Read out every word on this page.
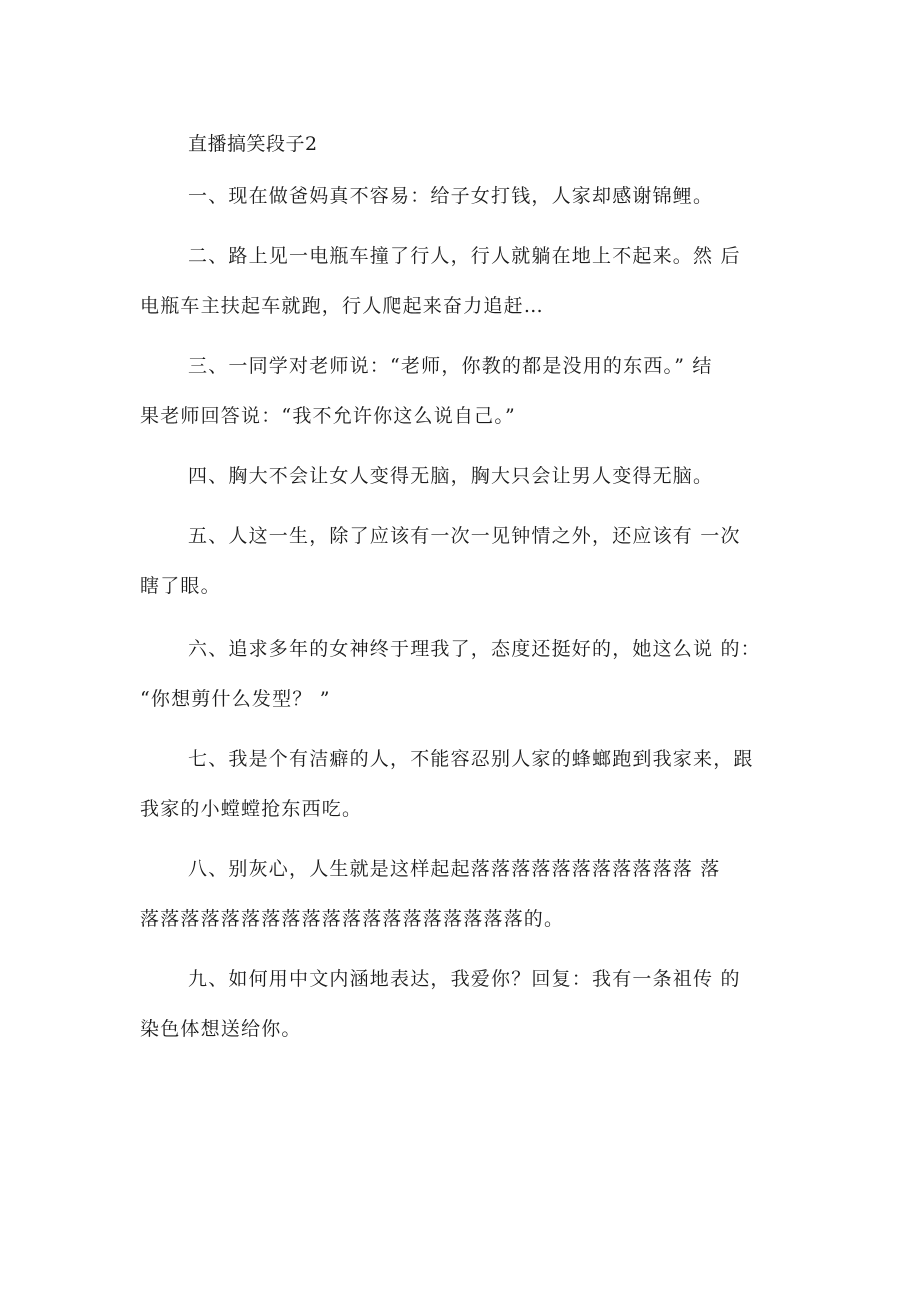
直播搞笑段子2
一、现在做爸妈真不容易：给子女打钱，人家却感谢锦鲤。
二、路上见一电瓶车撞了行人，行人就躺在地上不起来。然 后
电瓶车主扶起车就跑，行人爬起来奋力追赶…
三、一同学对老师说：“老师，你教的都是没用的东西。” 结
果老师回答说：“我不允许你这么说自己。”
四、胸大不会让女人变得无脑，胸大只会让男人变得无脑。
五、人这一生，除了应该有一次一见钟情之外，还应该有 一次
瞎了眼。
六、追求多年的女神终于理我了，态度还挺好的，她这么说 的：
“你想剪什么发型？ ”
七、我是个有洁癖的人，不能容忍别人家的蜂螂跑到我家来，跟
我家的小螳螳抢东西吃。
八、别灰心，人生就是这样起起落落落落落落落落落落落 落
落落落落落落落落落落落落落落落落落落落的。
九、如何用中文内涵地表达，我爱你？回复：我有一条祖传 的
染色体想送给你。
